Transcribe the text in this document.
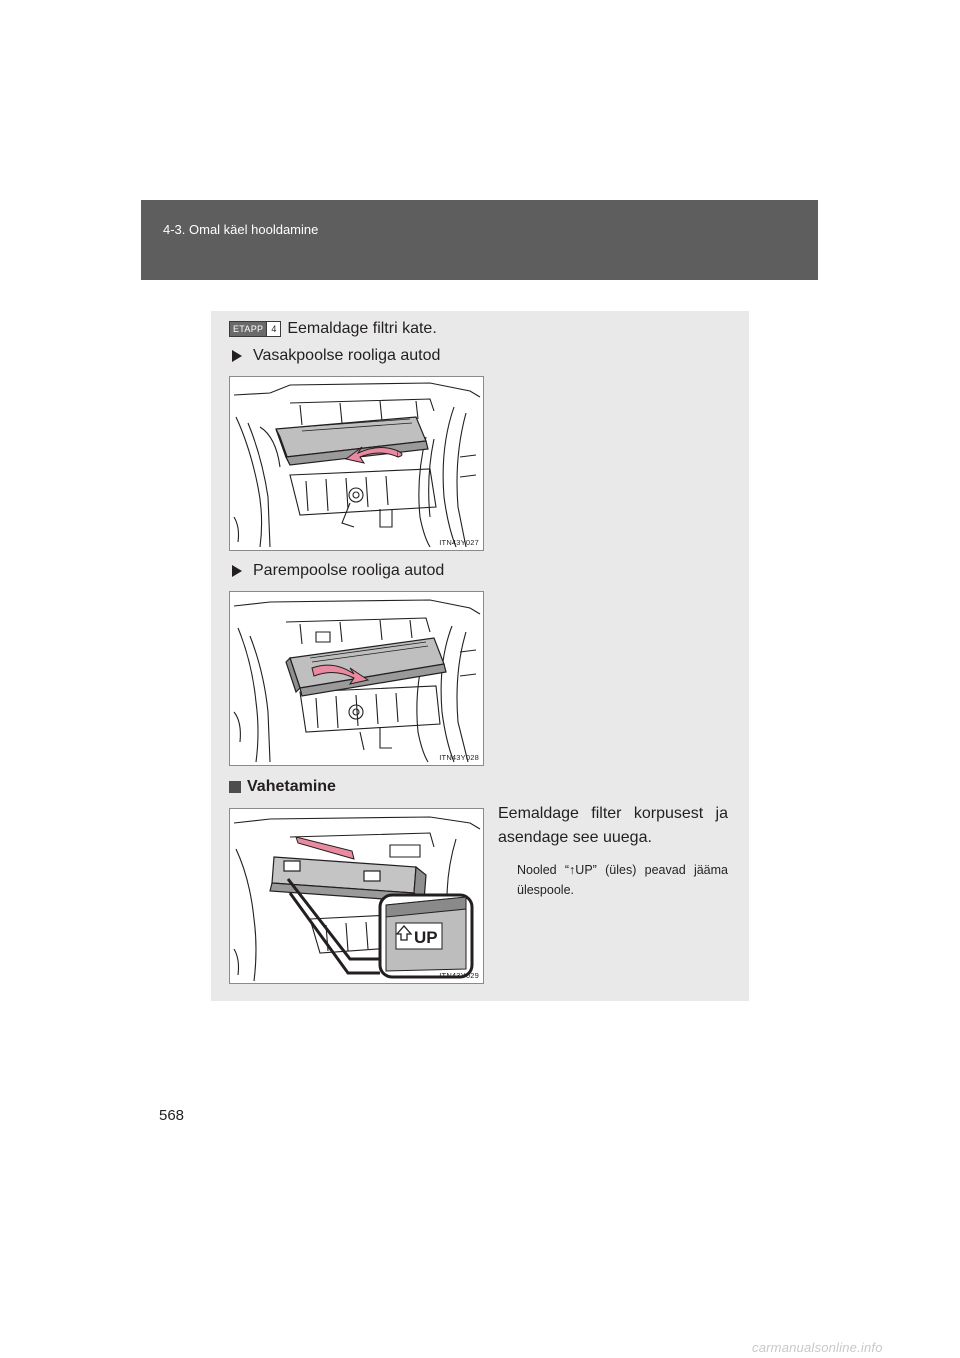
4-3. Omal käel hooldamine
ETAPP 4 Eemaldage filtri kate.
Vasakpoolse rooliga autod
ITN43Y027
Parempoolse rooliga autod
ITN43Y028
Vahetamine
UP
ITN43Y029
Eemaldage filter korpusest ja asendage see uuega.
Nooled “↑UP” (üles) peavad jääma ülespoole.
568
carmanualsonline.info
